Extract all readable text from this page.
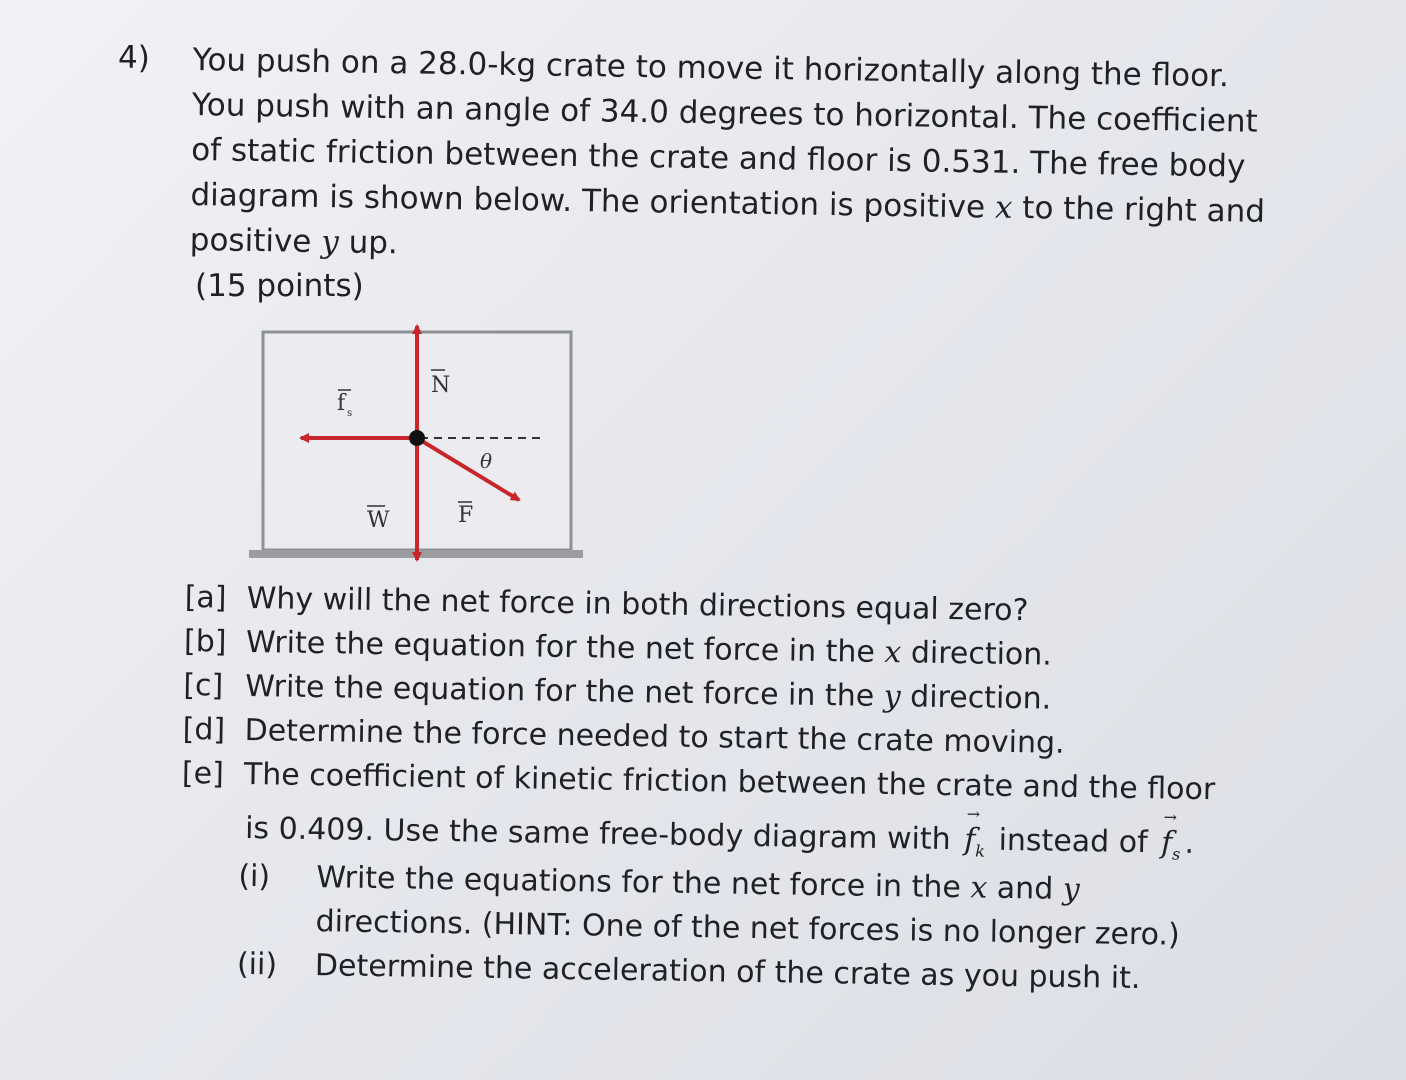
4) You push on a 28.0-kg crate to move it horizontally along the floor.

You push with an angle of 34.0 degrees to horizontal. The coefficient

of static friction between the crate and floor is 0.531. The free body

diagram is shown below. The orientation is positive x to the right and

positive y up.

(15 points)
f s
N
W	F
θ
[a] Why will the net force in both directions equal zero?
[b] Write the equation for the net force in the x direction.
[c] Write the equation for the net force in the y direction.
[d] Determine the force needed to start the crate moving.
[e] The coefficient of kinetic friction between the crate and the floor
is 0.409. Use the same free-body diagram with → $f_k$ instead of → $f_s$ .
(i) Write the equations for the net force in the x and y
directions. (HINT: One of the net forces is no longer zero.)
(ii) Determine the acceleration of the crate as you push it.
